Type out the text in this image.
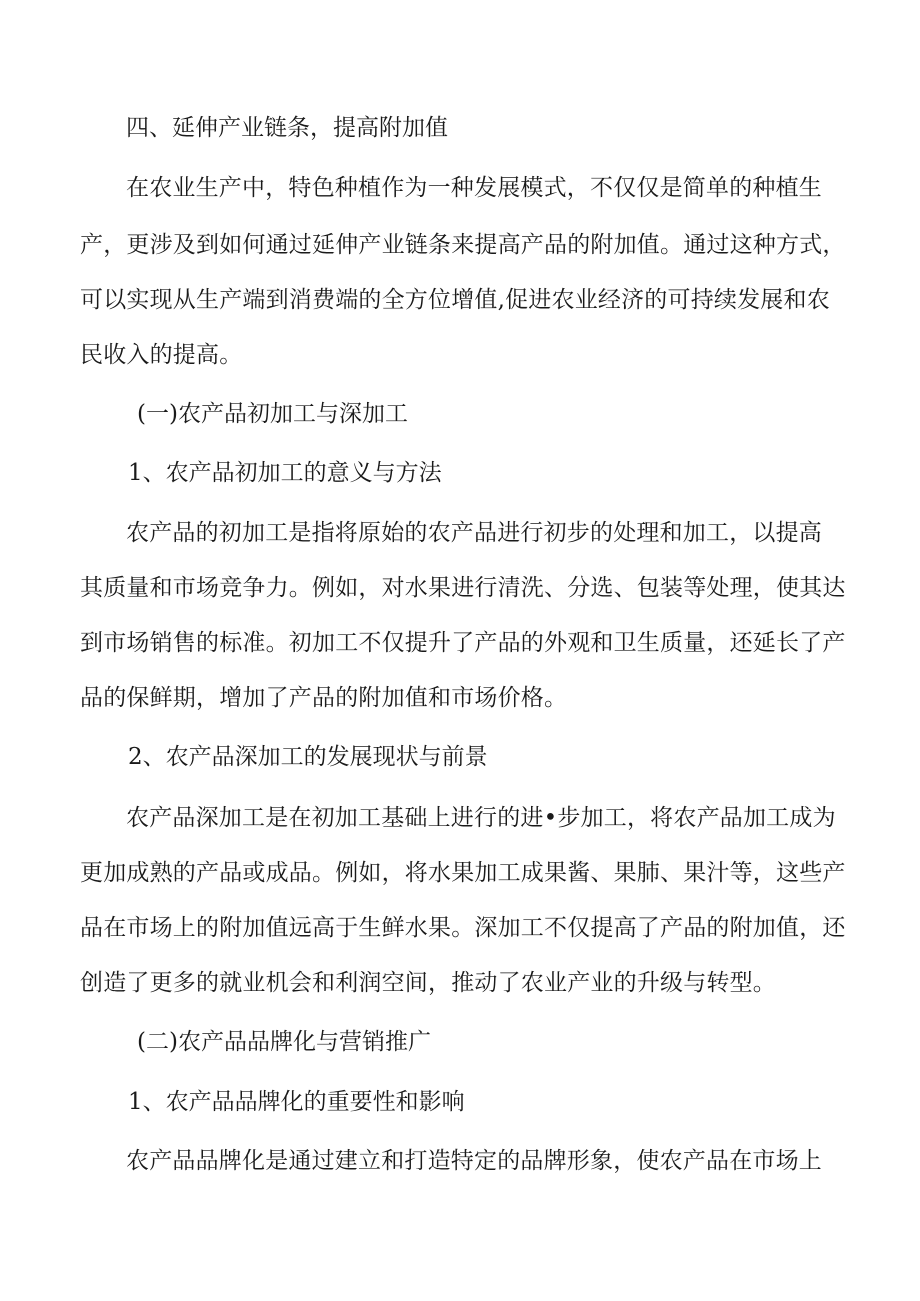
四、延伸产业链条，提高附加值
在农业生产中，特色种植作为一种发展模式，不仅仅是简单的种植生
产，更涉及到如何通过延伸产业链条来提高产品的附加值。通过这种方式，
可以实现从生产端到消费端的全方位增值,促进农业经济的可持续发展和农
民收入的提高。
(一)农产品初加工与深加工
1、农产品初加工的意义与方法
农产品的初加工是指将原始的农产品进行初步的处理和加工，以提高
其质量和市场竞争力。例如，对水果进行清洗、分选、包装等处理，使其达
到市场销售的标准。初加工不仅提升了产品的外观和卫生质量，还延长了产
品的保鲜期，增加了产品的附加值和市场价格。
2、农产品深加工的发展现状与前景
农产品深加工是在初加工基础上进行的进•步加工，将农产品加工成为
更加成熟的产品或成品。例如，将水果加工成果酱、果肺、果汁等，这些产
品在市场上的附加值远高于生鲜水果。深加工不仅提高了产品的附加值，还
创造了更多的就业机会和利润空间，推动了农业产业的升级与转型。
(二)农产品品牌化与营销推广
1、农产品品牌化的重要性和影响
农产品品牌化是通过建立和打造特定的品牌形象，使农产品在市场上
